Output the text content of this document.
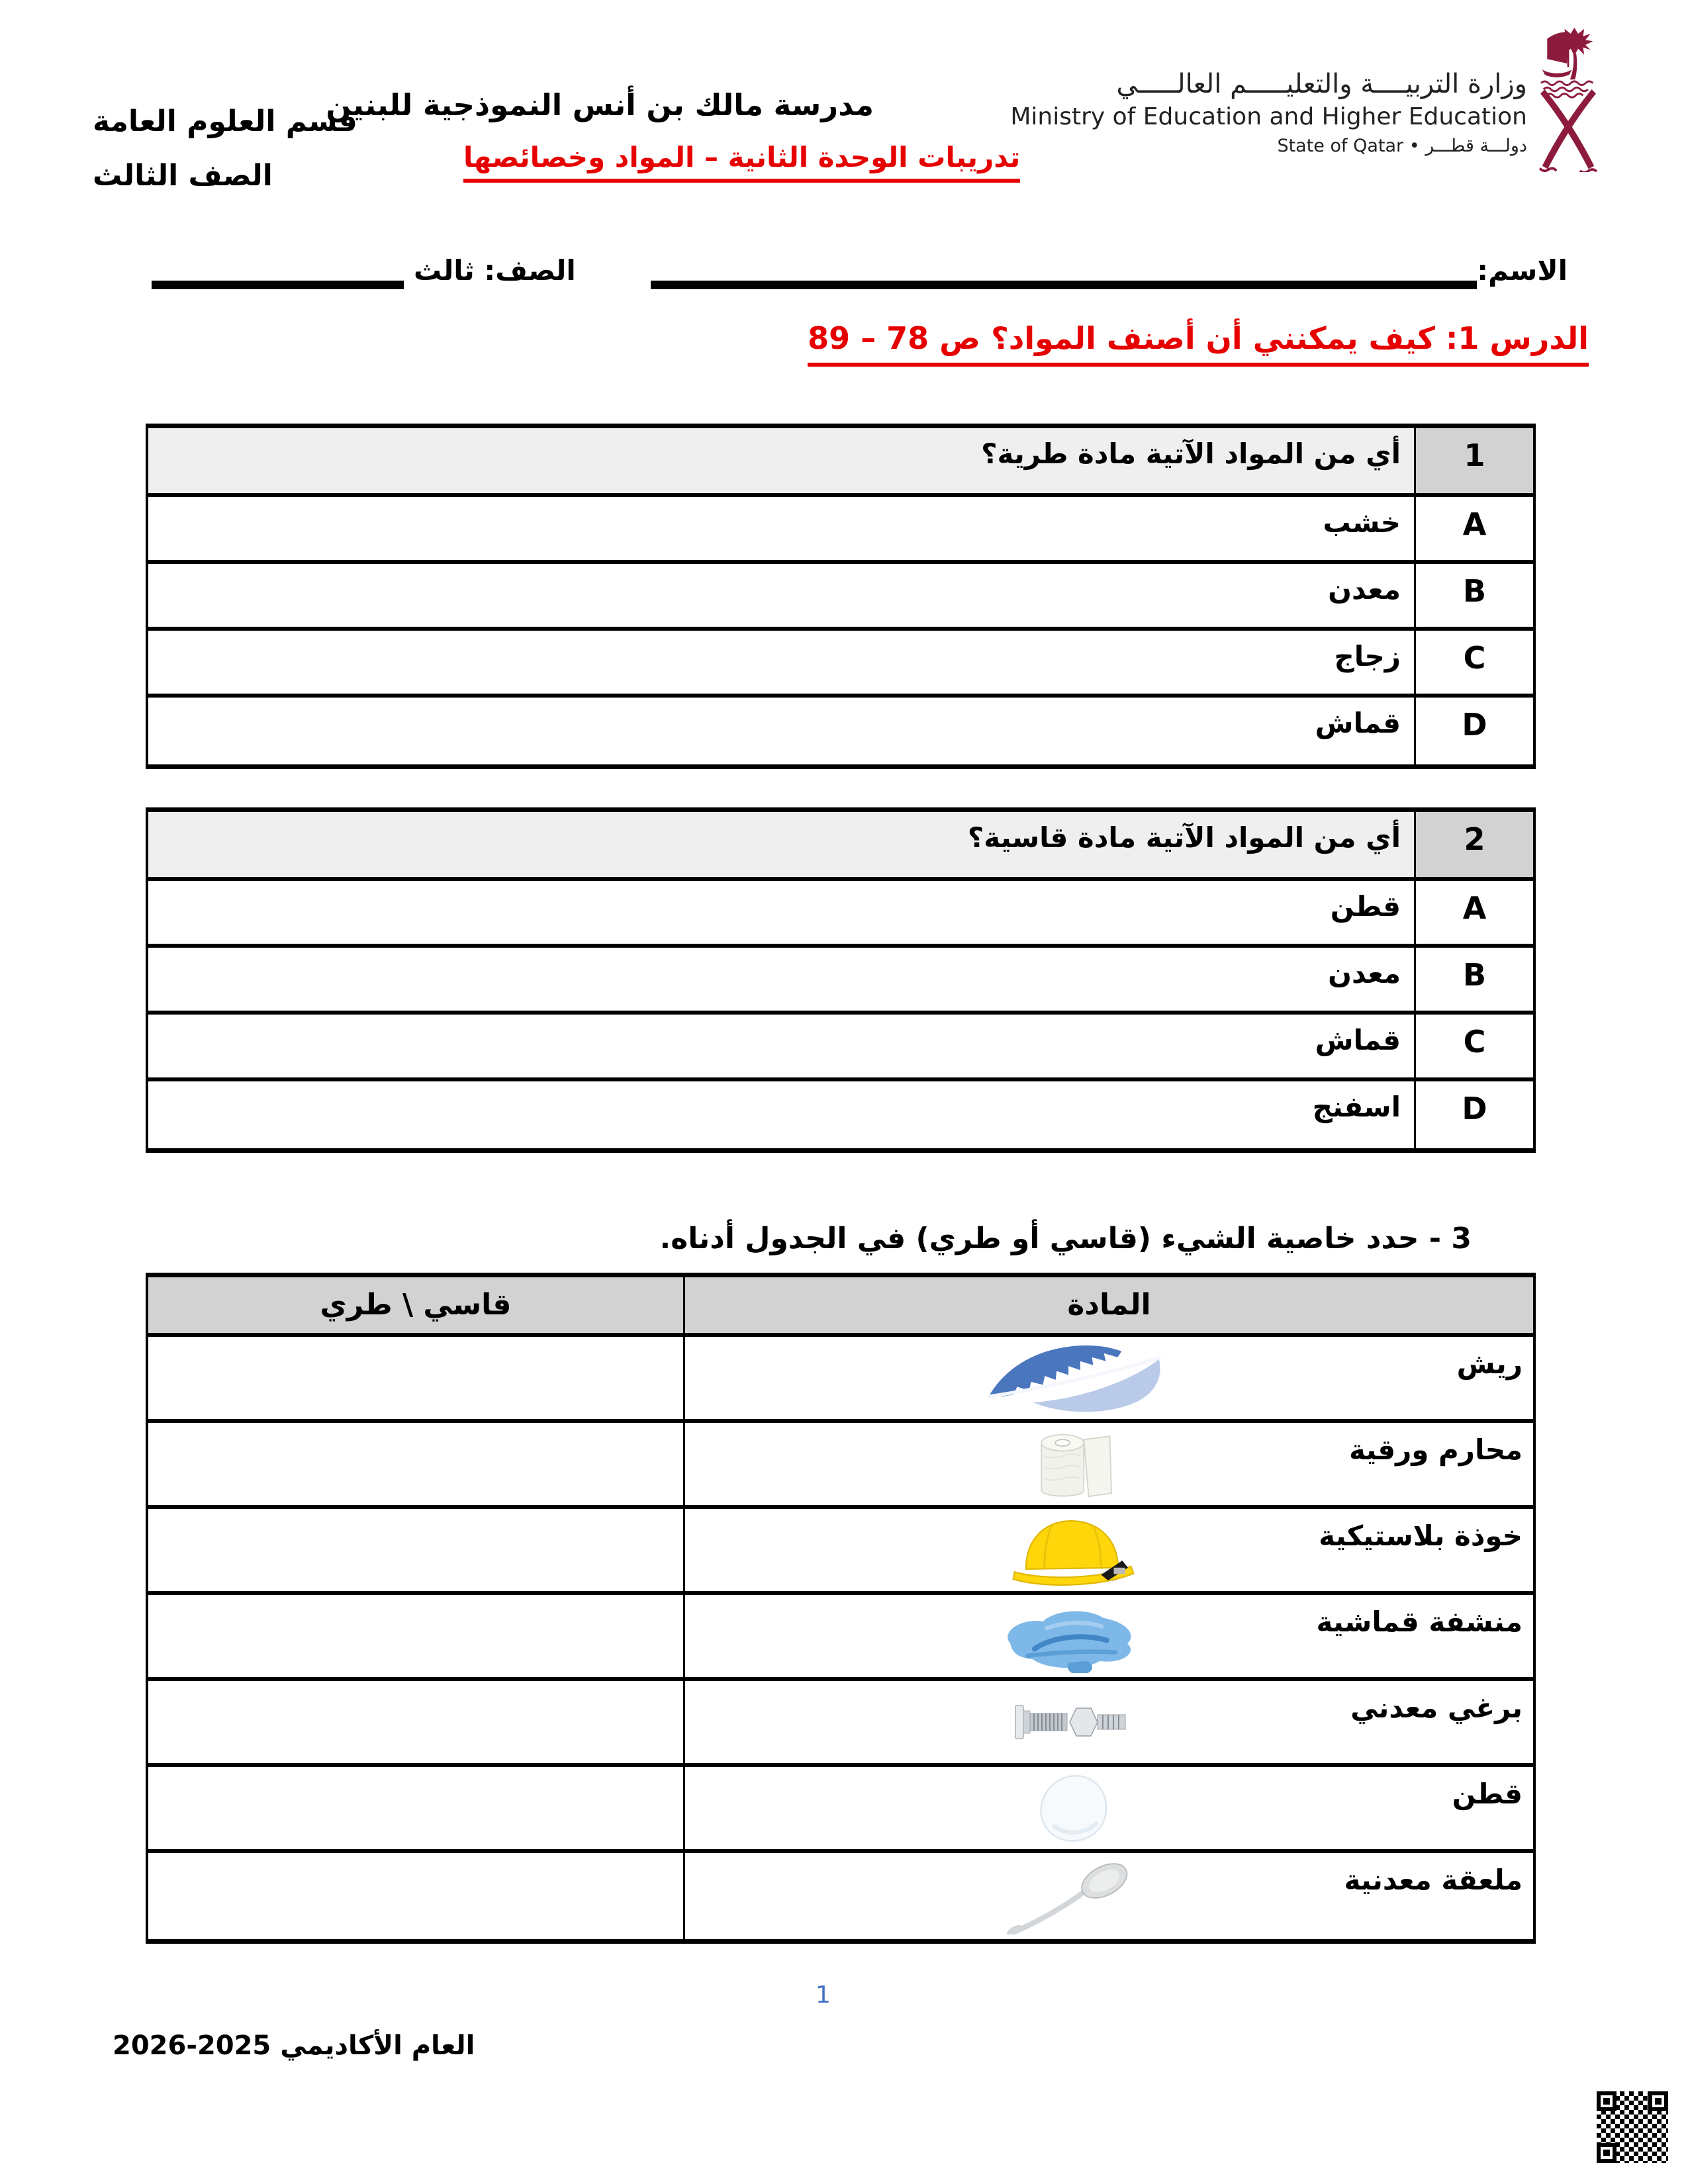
قسم العلوم العامة
الصف الثالث
مدرسة مالك بن أنس النموذجية للبنين
تدريبات الوحدة الثانية – المواد وخصائصها
وزارة التربيــــة والتعليـــــم العالـــــي
Ministry of Education and Higher Education
دولـــة قطـــر • State of Qatar
الاسم:
الصف: ثالث
الدرس 1: كيف يمكنني أن أصنف المواد؟ ص 78 – 89
1
أي من المواد الآتية مادة طرية؟
A
خشب
B
معدن
C
زجاج
D
قماش
2
أي من المواد الآتية مادة قاسية؟
A
قطن
B
معدن
C
قماش
D
اسفنج
3 - حدد خاصية الشيء (قاسي أو طري) في الجدول أدناه.
المادة
قاسي \ طري
ريش
محارم ورقية
خوذة بلاستيكية
منشفة قماشية
برغي معدني
قطن
ملعقة معدنية
1
العام الأكاديمي 2025-2026
